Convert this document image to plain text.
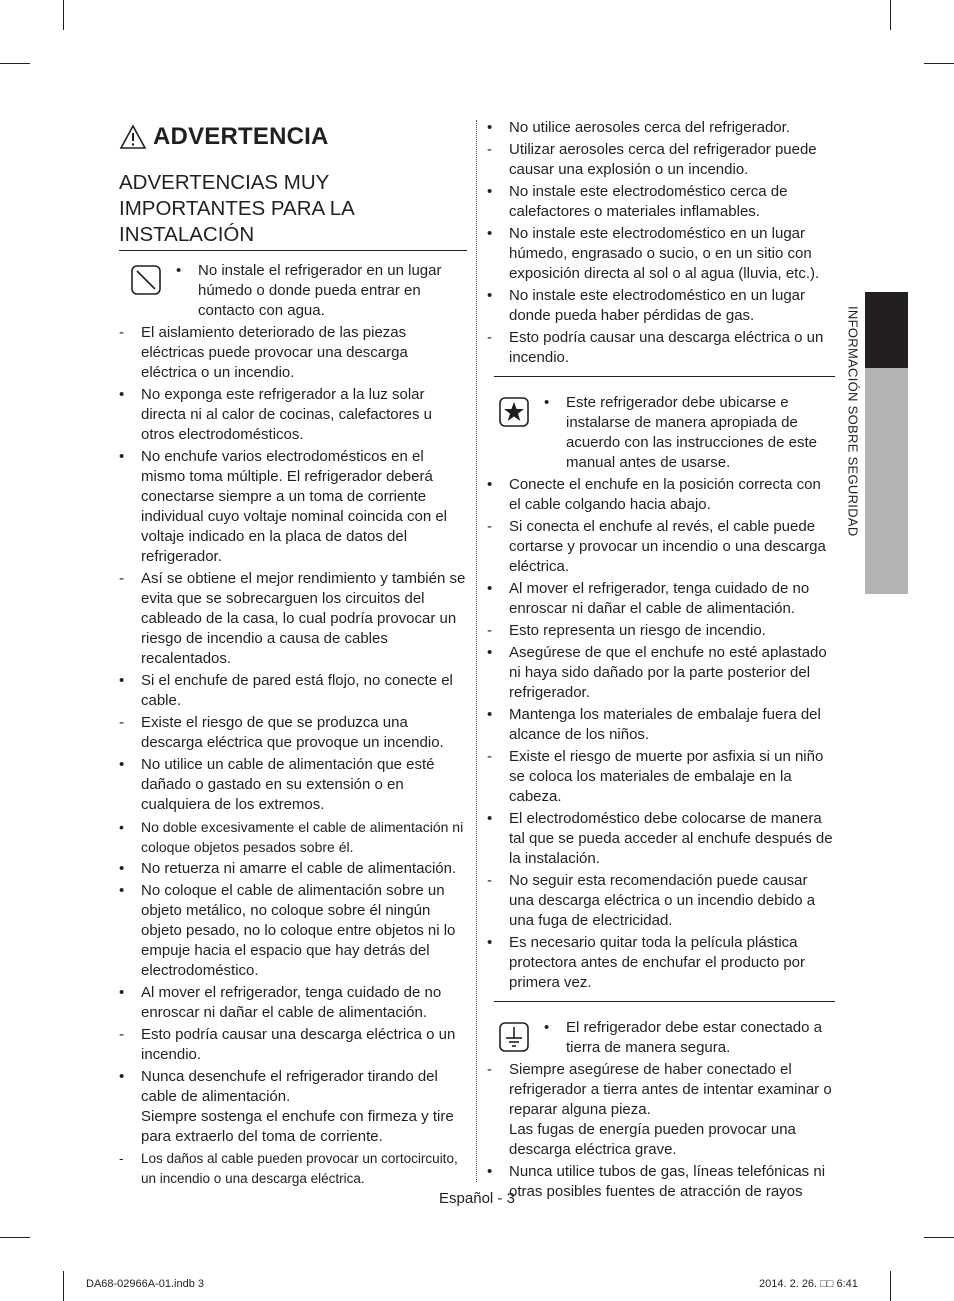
ADVERTENCIA
ADVERTENCIAS MUY
IMPORTANTES PARA LA
INSTALACIÓN
•	No instale el refrigerador en un lugar húmedo o donde pueda entrar en contacto con agua.
-	El aislamiento deteriorado de las piezas eléctricas puede provocar una descarga eléctrica o un incendio.
•	No exponga este refrigerador a la luz solar directa ni al calor de cocinas, calefactores u otros electrodomésticos.
•	No enchufe varios electrodomésticos en el mismo toma múltiple. El refrigerador deberá conectarse siempre a un toma de corriente individual cuyo voltaje nominal coincida con el voltaje indicado en la placa de datos del refrigerador.
-	Así se obtiene el mejor rendimiento y también se evita que se sobrecarguen los circuitos del cableado de la casa, lo cual podría provocar un riesgo de incendio a causa de cables recalentados.
•	Si el enchufe de pared está flojo, no conecte el cable.
-	Existe el riesgo de que se produzca una descarga eléctrica que provoque un incendio.
•	No utilice un cable de alimentación que esté dañado o gastado en su extensión o en cualquiera de los extremos.
•	No doble excesivamente el cable de alimentación ni coloque objetos pesados sobre él.
•	No retuerza ni amarre el cable de alimentación.
•	No coloque el cable de alimentación sobre un objeto metálico, no coloque sobre él ningún objeto pesado, no lo coloque entre objetos ni lo empuje hacia el espacio que hay detrás del electrodoméstico.
•	Al mover el refrigerador, tenga cuidado de no enroscar ni dañar el cable de alimentación.
-	Esto podría causar una descarga eléctrica o un incendio.
•	Nunca desenchufe el refrigerador tirando del cable de alimentación.
Siempre sostenga el enchufe con firmeza y tire para extraerlo del toma de corriente.
-	Los daños al cable pueden provocar un cortocircuito, un incendio o una descarga eléctrica.
•	No utilice aerosoles cerca del refrigerador.
-	Utilizar aerosoles cerca del refrigerador puede causar una explosión o un incendio.
•	No instale este electrodoméstico cerca de calefactores o materiales inflamables.
•	No instale este electrodoméstico en un lugar húmedo, engrasado o sucio, o en un sitio con exposición directa al sol o al agua (lluvia, etc.).
•	No instale este electrodoméstico en un lugar donde pueda haber pérdidas de gas.
-	Esto podría causar una descarga eléctrica o un incendio.
•	Este refrigerador debe ubicarse e instalarse de manera apropiada de acuerdo con las instrucciones de este manual antes de usarse.
•	Conecte el enchufe en la posición correcta con el cable colgando hacia abajo.
-	Si conecta el enchufe al revés, el cable puede cortarse y provocar un incendio o una descarga eléctrica.
•	Al mover el refrigerador, tenga cuidado de no enroscar ni dañar el cable de alimentación.
-	Esto representa un riesgo de incendio.
•	Asegúrese de que el enchufe no esté aplastado ni haya sido dañado por la parte posterior del refrigerador.
•	Mantenga los materiales de embalaje fuera del alcance de los niños.
-	Existe el riesgo de muerte por asfixia si un niño se coloca los materiales de embalaje en la cabeza.
•	El electrodoméstico debe colocarse de manera tal que se pueda acceder al enchufe después de la instalación.
-	No seguir esta recomendación puede causar una descarga eléctrica o un incendio debido a una fuga de electricidad.
•	Es necesario quitar toda la película plástica protectora antes de enchufar el producto por primera vez.
•	El refrigerador debe estar conectado a tierra de manera segura.
-	Siempre asegúrese de haber conectado el refrigerador a tierra antes de intentar examinar o reparar alguna pieza.
Las fugas de energía pueden provocar una descarga eléctrica grave.
•	Nunca utilice tubos de gas, líneas telefónicas ni otras posibles fuentes de atracción de rayos
INFORMACIÓN SOBRE SEGURIDAD
Español - 3
DA68-02966A-01.indb 3	2014. 2. 26. □□ 6:41
